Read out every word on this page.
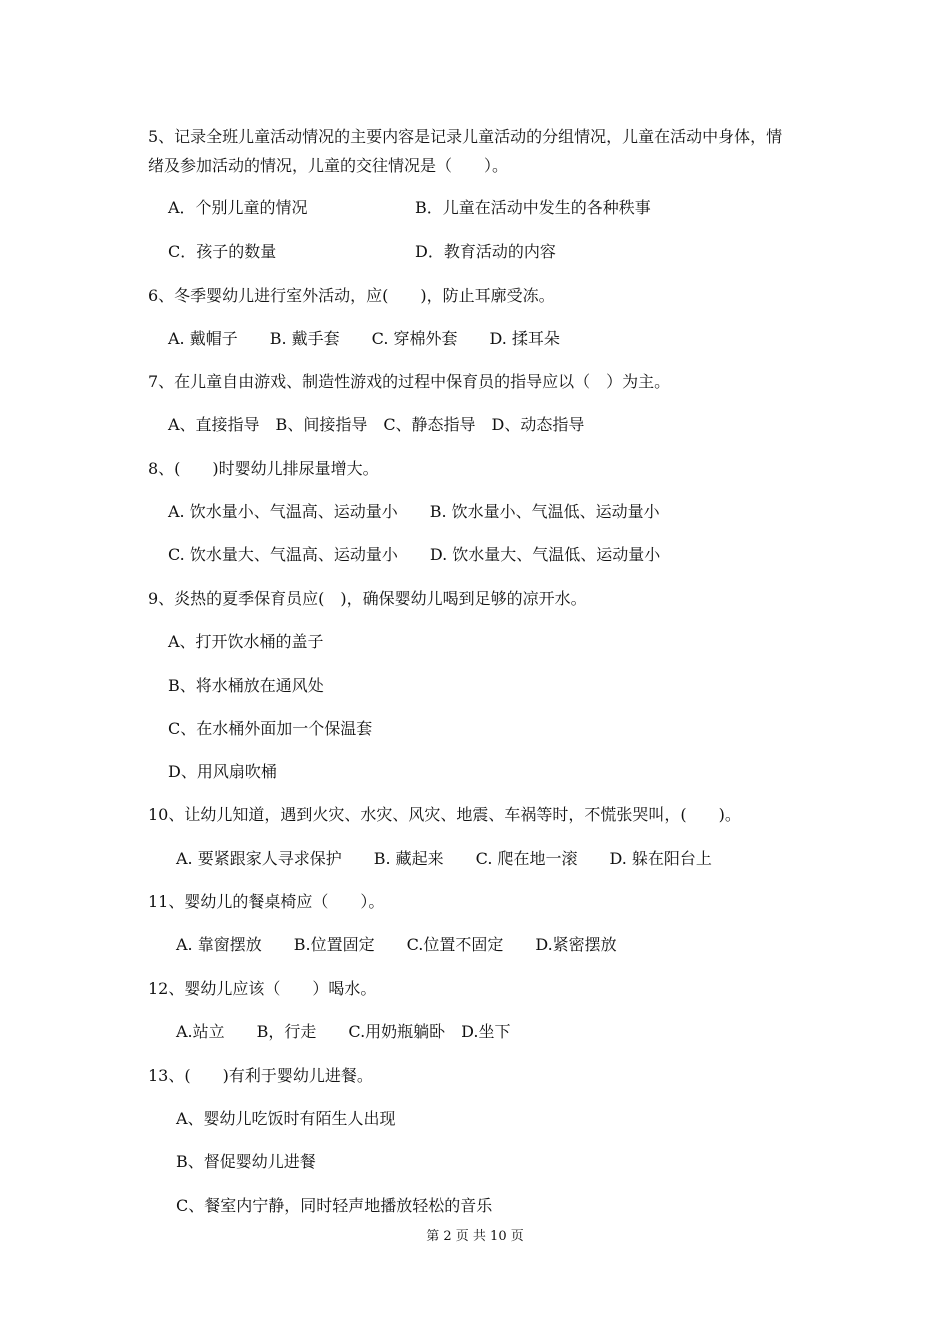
5、记录全班儿童活动情况的主要内容是记录儿童活动的分组情况，儿童在活动中身体，情
绪及参加活动的情况，儿童的交往情况是（　　）。
A．个别儿童的情况	B．儿童在活动中发生的各种秩事
C．孩子的数量	D．教育活动的内容
6、冬季婴幼儿进行室外活动，应(　　)，防止耳廓受冻。
A. 戴帽子　　B. 戴手套　　C. 穿棉外套　　D. 揉耳朵
7、在儿童自由游戏、制造性游戏的过程中保育员的指导应以（　）为主。
A、直接指导　B、间接指导　C、静态指导　D、动态指导
8、(　　)时婴幼儿排尿量增大。
A. 饮水量小、气温高、运动量小　　B. 饮水量小、气温低、运动量小
C. 饮水量大、气温高、运动量小　　D. 饮水量大、气温低、运动量小
9、炎热的夏季保育员应(　)，确保婴幼儿喝到足够的凉开水。
A、打开饮水桶的盖子
B、将水桶放在通风处
C、在水桶外面加一个保温套
D、用风扇吹桶
10、让幼儿知道，遇到火灾、水灾、风灾、地震、车祸等时，不慌张哭叫，(　　)。
A. 要紧跟家人寻求保护　　B. 藏起来　　C. 爬在地一滚　　D. 躲在阳台上
11、婴幼儿的餐桌椅应（　　）。
A. 靠窗摆放　　B.位置固定　　C.位置不固定　　D.紧密摆放
12、婴幼儿应该（　　）喝水。
A.站立　　B，行走　　C.用奶瓶躺卧　D.坐下
13、(　　)有利于婴幼儿进餐。
A、婴幼儿吃饭时有陌生人出现
B、督促婴幼儿进餐
C、餐室内宁静，同时轻声地播放轻松的音乐
第 2 页 共 10 页
